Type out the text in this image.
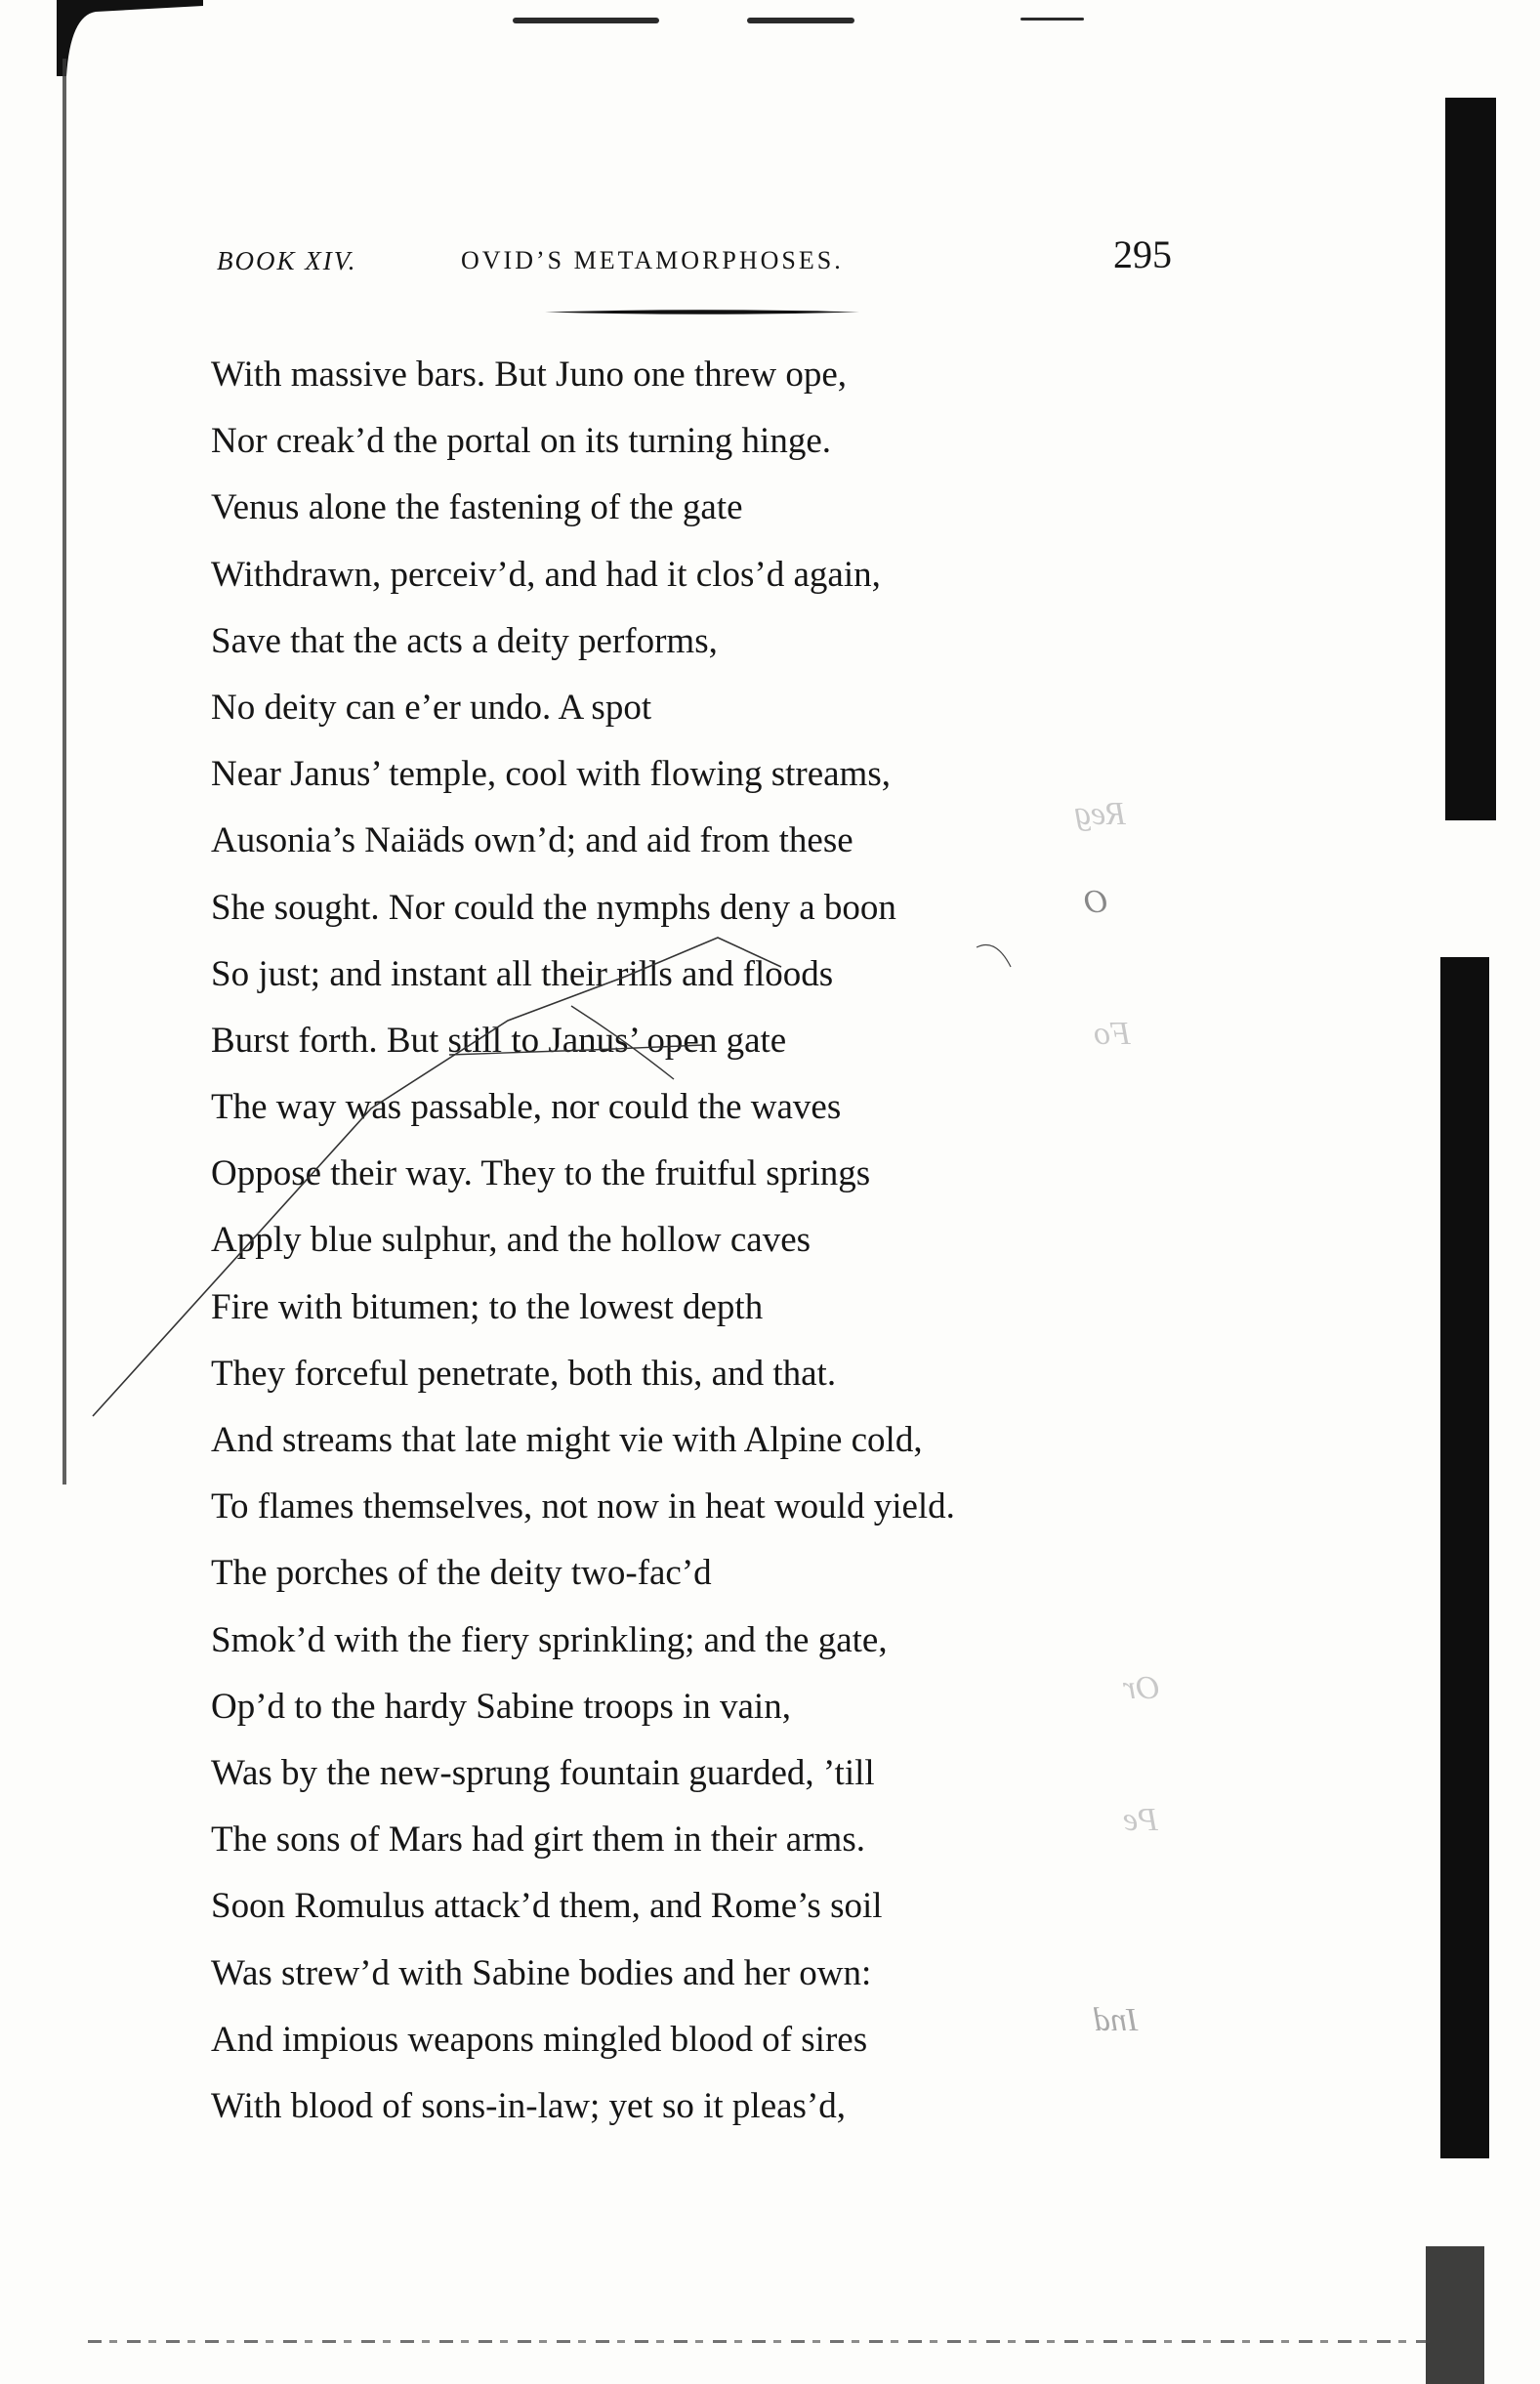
Reg
O
Fo
Or
Pe
Ind
BOOK XIV.	OVID’S METAMORPHOSES.	295
With massive bars. But Juno one threw ope,
Nor creak’d the portal on its turning hinge.
Venus alone the fastening of the gate
Withdrawn, perceiv’d, and had it clos’d again,
Save that the acts a deity performs,
No deity can e’er undo. A spot
Near Janus’ temple, cool with flowing streams,
Ausonia’s Naiäds own’d; and aid from these
She sought. Nor could the nymphs deny a boon
So just; and instant all their rills and floods
Burst forth. But still to Janus’ open gate
The way was passable, nor could the waves
Oppose their way. They to the fruitful springs
Apply blue sulphur, and the hollow caves
Fire with bitumen; to the lowest depth
They forceful penetrate, both this, and that.
And streams that late might vie with Alpine cold,
To flames themselves, not now in heat would yield.
The porches of the deity two-fac’d
Smok’d with the fiery sprinkling; and the gate,
Op’d to the hardy Sabine troops in vain,
Was by the new-sprung fountain guarded, ’till
The sons of Mars had girt them in their arms.
Soon Romulus attack’d them, and Rome’s soil
Was strew’d with Sabine bodies and her own:
And impious weapons mingled blood of sires
With blood of sons-in-law; yet so it pleas’d,
